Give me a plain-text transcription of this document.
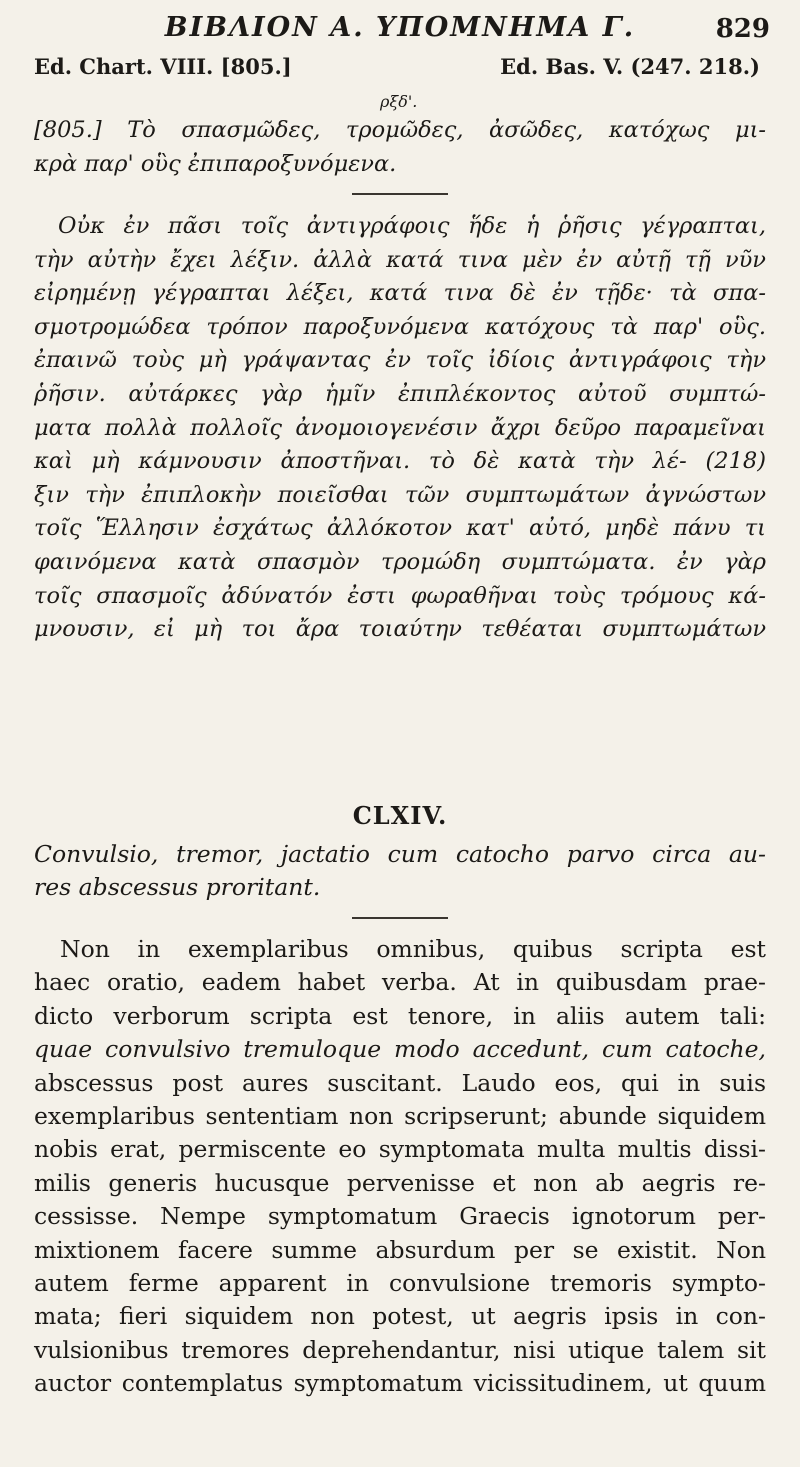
BIBΛΙΟΝ Α. ΥΠΟΜΝΗΜΑ Γ.	829
Ed. Chart. VIII. [805.]	Ed. Bas. V. (247. 218.)
ρξδ'.
[805.] Τὸ σπασμῶδες, τρομῶδες, ἀσῶδες, κατόχως μι-
κρὰ παρ' οὓς ἐπιπαροξυνόμενα.
Οὐκ ἐν πᾶσι τοῖς ἀντιγράφοις ἥδε ἡ ῥῆσις γέγραπται,
τὴν αὐτὴν ἔχει λέξιν. ἀλλὰ κατά τινα μὲν ἐν αὐτῇ τῇ νῦν
εἰρημένῃ γέγραπται λέξει, κατά τινα δὲ ἐν τῇδε· τὰ σπα-
σμοτρομώδεα τρόπον παροξυνόμενα κατόχους τὰ παρ' οὓς.
ἐπαινῶ τοὺς μὴ γράψαντας ἐν τοῖς ἰδίοις ἀντιγράφοις τὴν
ῥῆσιν. αὐτάρκες γὰρ ἡμῖν ἐπιπλέκοντος αὐτοῦ συμπτώ-
ματα πολλὰ πολλοῖς ἀνομοιογενέσιν ἄχρι δεῦρο παραμεῖναι
καὶ μὴ κάμνουσιν ἀποστῆναι. τὸ δὲ κατὰ τὴν λέ- (218)
ξιν τὴν ἐπιπλοκὴν ποιεῖσθαι τῶν συμπτωμάτων ἀγνώστων
τοῖς Ἕλλησιν ἐσχάτως ἀλλόκοτον κατ' αὐτό, μηδὲ πάνυ τι
φαινόμενα κατὰ σπασμὸν τρομώδη συμπτώματα. ἐν γὰρ
τοῖς σπασμοῖς ἀδύνατόν ἐστι φωραθῆναι τοὺς τρόμους κά-
μνουσιν, εἰ μὴ τοι ἄρα τοιαύτην τεθέαται συμπτωμάτων
CLXIV.
Convulsio, tremor, jactatio cum catocho parvo circa au-
res abscessus proritant.
Non in exemplaribus omnibus, quibus scripta est
haec oratio, eadem habet verba. At in quibusdam prae-
dicto verborum scripta est tenore, in aliis autem tali:
quae convulsivo tremuloque modo accedunt, cum catoche,
abscessus post aures suscitant. Laudo eos, qui in suis
exemplaribus sententiam non scripserunt; abunde siquidem
nobis erat, permiscente eo symptomata multa multis dissi-
milis generis hucusque pervenisse et non ab aegris re-
cessisse. Nempe symptomatum Graecis ignotorum per-
mixtionem facere summe absurdum per se existit. Non
autem ferme apparent in convulsione tremoris sympto-
mata; fieri siquidem non potest, ut aegris ipsis in con-
vulsionibus tremores deprehendantur, nisi utique talem sit
auctor contemplatus symptomatum vicissitudinem, ut quum
